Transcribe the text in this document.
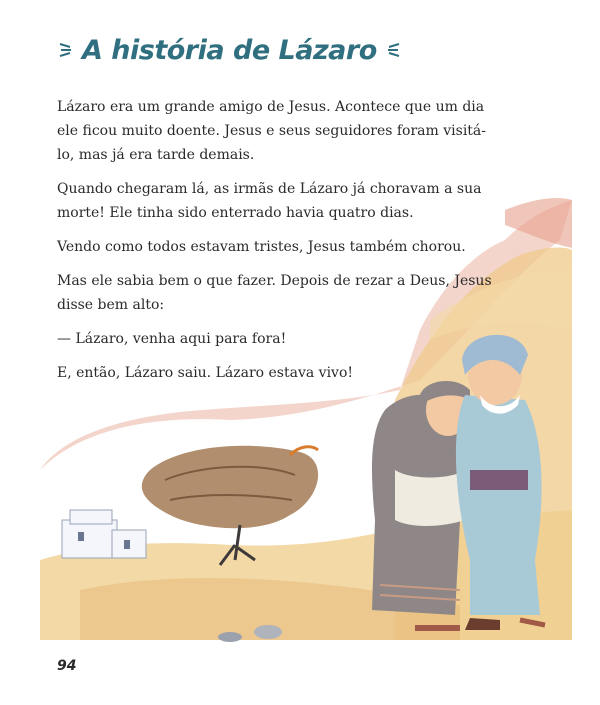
A história de Lázaro

Lázaro era um grande amigo de Jesus. Acontece que um dia ele ficou muito doente. Jesus e seus seguidores foram visitá-lo, mas já era tarde demais.

Quando chegaram lá, as irmãs de Lázaro já choravam a sua morte! Ele tinha sido enterrado havia quatro dias.

Vendo como todos estavam tristes, Jesus também chorou.

Mas ele sabia bem o que fazer. Depois de rezar a Deus, Jesus disse bem alto:

— Lázaro, venha aqui para fora!

E, então, Lázaro saiu. Lázaro estava vivo!

94
